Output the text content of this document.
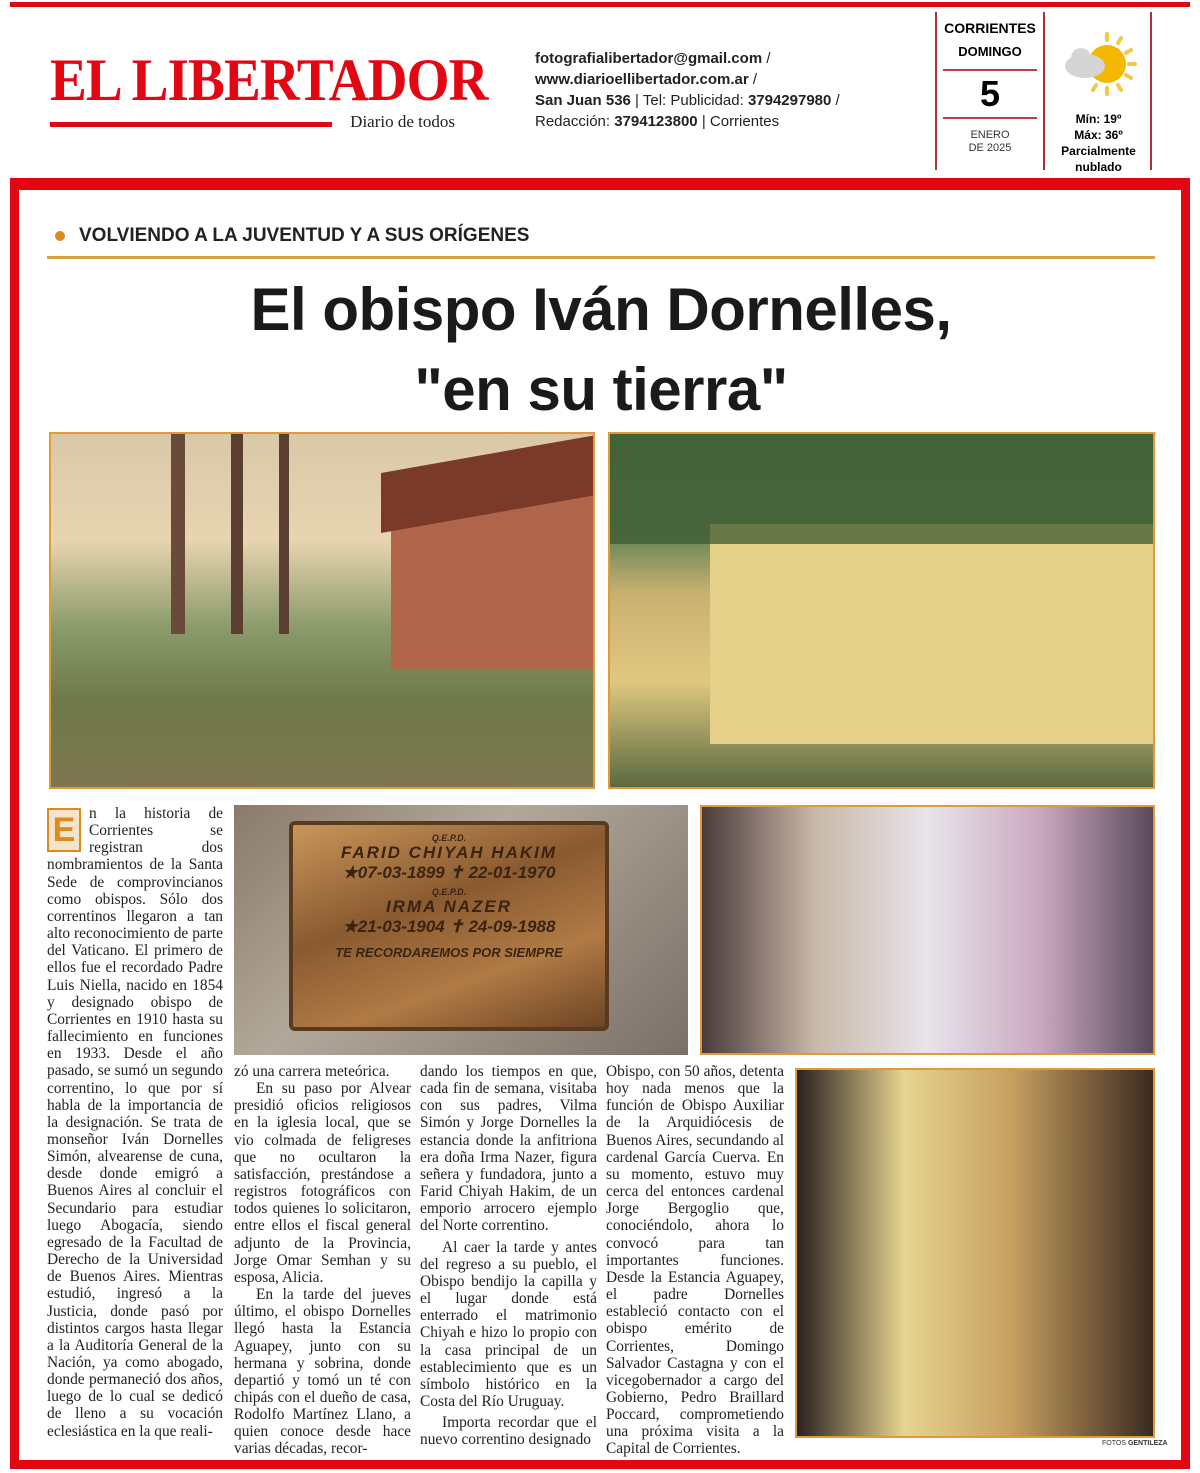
EL LIBERTADOR
Diario de todos
fotografialibertador@gmail.com /
www.diarioellibertador.com.ar /
San Juan 536 | Tel: Publicidad: 3794297980 /
Redacción: 3794123800 | Corrientes
CORRIENTES
DOMINGO
5
ENERO
DE 2025
Mín: 19º
Máx: 36º
Parcialmente
nublado
VOLVIENDO A LA JUVENTUD Y A SUS ORÍGENES
El obispo Iván Dornelles,
"en su tierra"
Q.E.P.D.
FARID CHIYAH HAKIM
★07-03-1899 ✝ 22-01-1970
Q.E.P.D.
IRMA NAZER
★21-03-1904 ✝ 24-09-1988
TE RECORDAREMOS POR SIEMPRE
E n la historia de Corrientes se registran dos nombramientos de la Santa Sede de comprovincianos como obispos. Sólo dos correntinos llegaron a tan alto reconocimiento de parte del Vaticano. El primero de ellos fue el recordado Padre Luis Niella, nacido en 1854 y designado obispo de Corrientes en 1910 hasta su fallecimiento en funciones en 1933. Desde el año pasado, se sumó un segundo correntino, lo que por sí habla de la importancia de la designación. Se trata de monseñor Iván Dornelles Simón, alvearense de cuna, desde donde emigró a Buenos Aires al concluir el Secundario para estudiar luego Abogacía, siendo egresado de la Facultad de Derecho de la Universidad de Buenos Aires. Mientras estudió, ingresó a la Justicia, donde pasó por distintos cargos hasta llegar a la Auditoría General de la Nación, ya como abogado, donde permaneció dos años, luego de lo cual se dedicó de lleno a su vocación eclesiástica en la que reali-

zó una carrera meteórica.

En su paso por Alvear presidió oficios religiosos en la iglesia local, que se vio colmada de feligreses que no ocultaron la satisfacción, prestándose a registros fotográficos con todos quienes lo solicitaron, entre ellos el fiscal general adjunto de la Provincia, Jorge Omar Semhan y su esposa, Alicia.

En la tarde del jueves último, el obispo Dornelles llegó hasta la Estancia Aguapey, junto con su hermana y sobrina, donde departió y tomó un té con chipás con el dueño de casa, Rodolfo Martínez Llano, a quien conoce desde hace varias décadas, recor-

dando los tiempos en que, cada fin de semana, visitaba con sus padres, Vilma Simón y Jorge Dornelles la estancia donde la anfitriona era doña Irma Nazer, figura señera y fundadora, junto a Farid Chiyah Hakim, de un emporio arrocero ejemplo del Norte correntino.

Al caer la tarde y antes del regreso a su pueblo, el Obispo bendijo la capilla y el lugar donde está enterrado el matrimonio Chiyah e hizo lo propio con la casa principal de un establecimiento que es un símbolo histórico en la Costa del Río Uruguay.

Importa recordar que el nuevo correntino designado

Obispo, con 50 años, detenta hoy nada menos que la función de Obispo Auxiliar de la Arquidiócesis de Buenos Aires, secundando al cardenal García Cuerva. En su momento, estuvo muy cerca del entonces cardenal Jorge Bergoglio que, conociéndolo, ahora lo convocó para tan importantes funciones. Desde la Estancia Aguapey, el padre Dornelles estableció contacto con el obispo emérito de Corrientes, Domingo Salvador Castagna y con el vicegobernador a cargo del Gobierno, Pedro Braillard Poccard, comprometiendo una próxima visita a la Capital de Corrientes.	FOTOS GENTILEZA
